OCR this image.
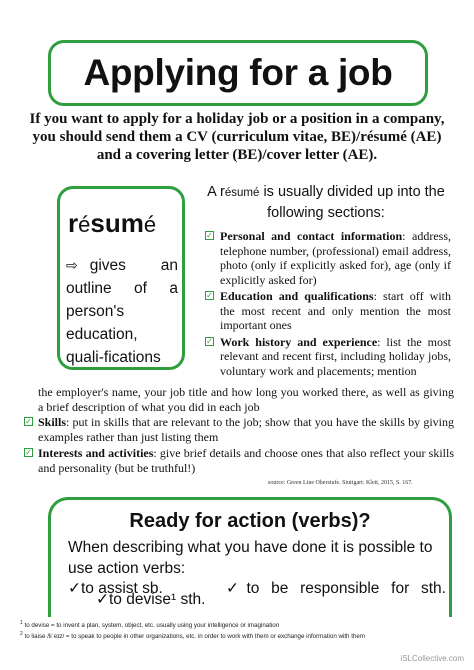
Applying for a job

If you want to apply for a holiday job or a position in a company, you should send them a CV (curriculum vitae, BE)/résumé (AE) and a covering letter (BE)/cover letter (AE).

résumé

⇨ gives an outline of a person's education, quali-fications

A résumé is usually divided up into the following sections:

✓ Personal and contact information: address, telephone number, (professional) email address, photo (only if explicitly asked for), age (only if explicitly asked for)
✓ Education and qualifications: start off with the most recent and only mention the most important ones
✓ Work history and experience: list the most relevant and recent first, including holiday jobs, voluntary work and placements; mention

the employer's name, your job title and how long you worked there, as well as giving a brief description of what you did in each job

✓ Skills: put in skills that are relevant to the job; show that you have the skills by giving examples rather than just listing them
✓ Interests and activities: give brief details and choose ones that also reflect your skills and personality (but be truthful!)

source: Green Line Oberstufe. Stuttgart: Klett, 2015, S. 167.

Ready for action (verbs)?

When describing what you have done it is possible to use action verbs:

✓to assist sb.	✓to be responsible for sth.

✓to devise¹ sth.

$^1$ to devise = to invent a plan, system, object, etc. usually using your intelligence or imagination

$^2$ to liaise /liˈeɪz/ = to speak to people in other organizations, etc. in order to work with them or exchange information with them

iSLCollective.com
